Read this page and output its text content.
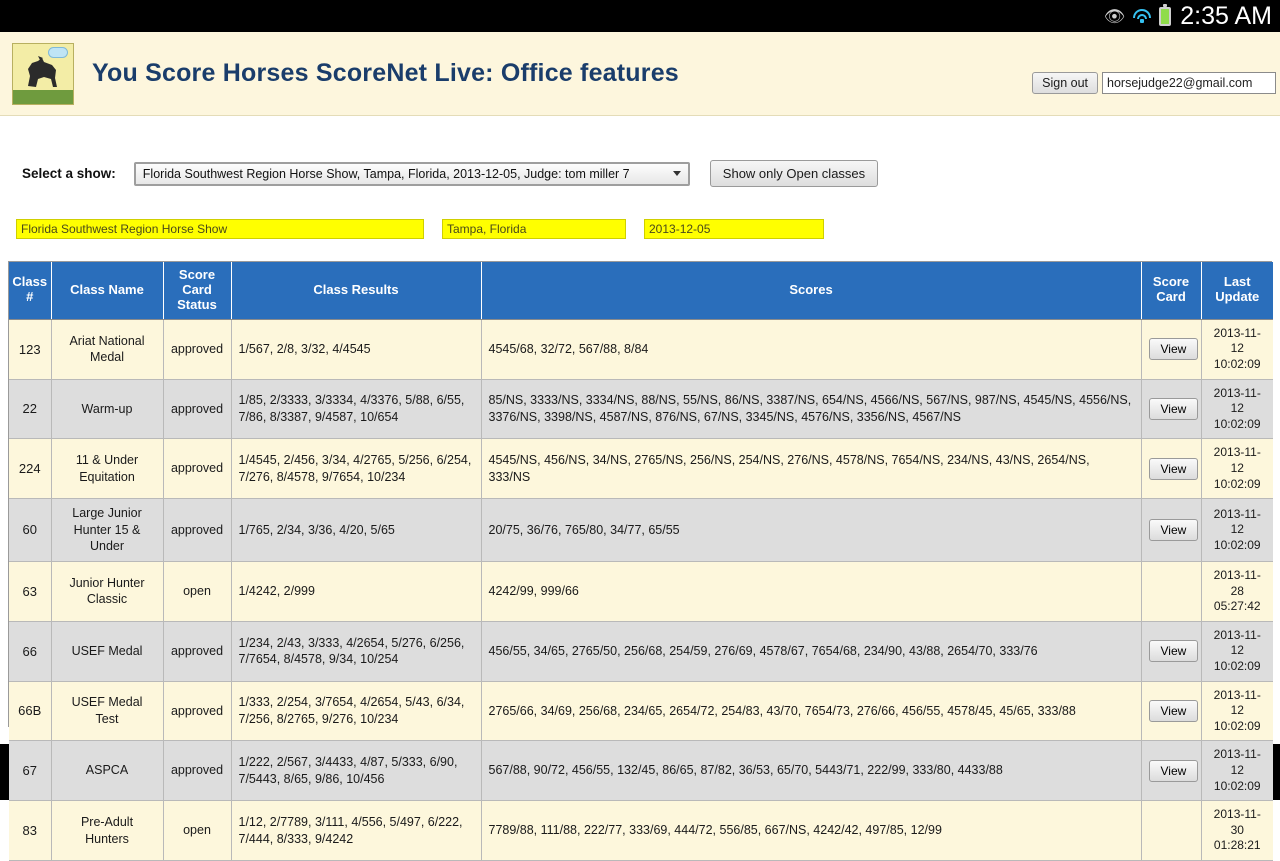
👁 2:35 AM
You Score Horses ScoreNet Live: Office features	Sign out
horsejudge22@gmail.com
Select a show: Florida Southwest Region Horse Show, Tampa, Florida, 2013-12-05, Judge: tom miller 7	Show only Open classes
Florida Southwest Region Horse Show	Tampa, Florida	2013-12-05
Class #	Class Name	Score Card Status	Class Results	Scores	Score Card	Last Update
123	Ariat National Medal	approved	1/567, 2/8, 3/32, 4/4545	4545/68, 32/72, 567/88, 8/84	View	2013-11-12 10:02:09
22	Warm-up	approved	1/85, 2/3333, 3/3334, 4/3376, 5/88, 6/55, 7/86, 8/3387, 9/4587, 10/654	85/NS, 3333/NS, 3334/NS, 88/NS, 55/NS, 86/NS, 3387/NS, 654/NS, 4566/NS, 567/NS, 987/NS, 4545/NS, 4556/NS, 3376/NS, 3398/NS, 4587/NS, 876/NS, 67/NS, 3345/NS, 4576/NS, 3356/NS, 4567/NS	View	2013-11-12 10:02:09
224	11 & Under Equitation	approved	1/4545, 2/456, 3/34, 4/2765, 5/256, 6/254, 7/276, 8/4578, 9/7654, 10/234	4545/NS, 456/NS, 34/NS, 2765/NS, 256/NS, 254/NS, 276/NS, 4578/NS, 7654/NS, 234/NS, 43/NS, 2654/NS, 333/NS	View	2013-11-12 10:02:09
60	Large Junior Hunter 15 & Under	approved	1/765, 2/34, 3/36, 4/20, 5/65	20/75, 36/76, 765/80, 34/77, 65/55	View	2013-11-12 10:02:09
63	Junior Hunter Classic	open	1/4242, 2/999	4242/99, 999/66		2013-11-28 05:27:42
66	USEF Medal	approved	1/234, 2/43, 3/333, 4/2654, 5/276, 6/256, 7/7654, 8/4578, 9/34, 10/254	456/55, 34/65, 2765/50, 256/68, 254/59, 276/69, 4578/67, 7654/68, 234/90, 43/88, 2654/70, 333/76	View	2013-11-12 10:02:09
66B	USEF Medal Test	approved	1/333, 2/254, 3/7654, 4/2654, 5/43, 6/34, 7/256, 8/2765, 9/276, 10/234	2765/66, 34/69, 256/68, 234/65, 2654/72, 254/83, 43/70, 7654/73, 276/66, 456/55, 4578/45, 45/65, 333/88	View	2013-11-12 10:02:09
67	ASPCA	approved	1/222, 2/567, 3/4433, 4/87, 5/333, 6/90, 7/5443, 8/65, 9/86, 10/456	567/88, 90/72, 456/55, 132/45, 86/65, 87/82, 36/53, 65/70, 5443/71, 222/99, 333/80, 4433/88	View	2013-11-12 10:02:09
83	Pre-Adult Hunters	open	1/12, 2/7789, 3/111, 4/556, 5/497, 6/222, 7/444, 8/333, 9/4242	7789/88, 111/88, 222/77, 333/69, 444/72, 556/85, 667/NS, 4242/42, 497/85, 12/99		2013-11-30 01:28:21
